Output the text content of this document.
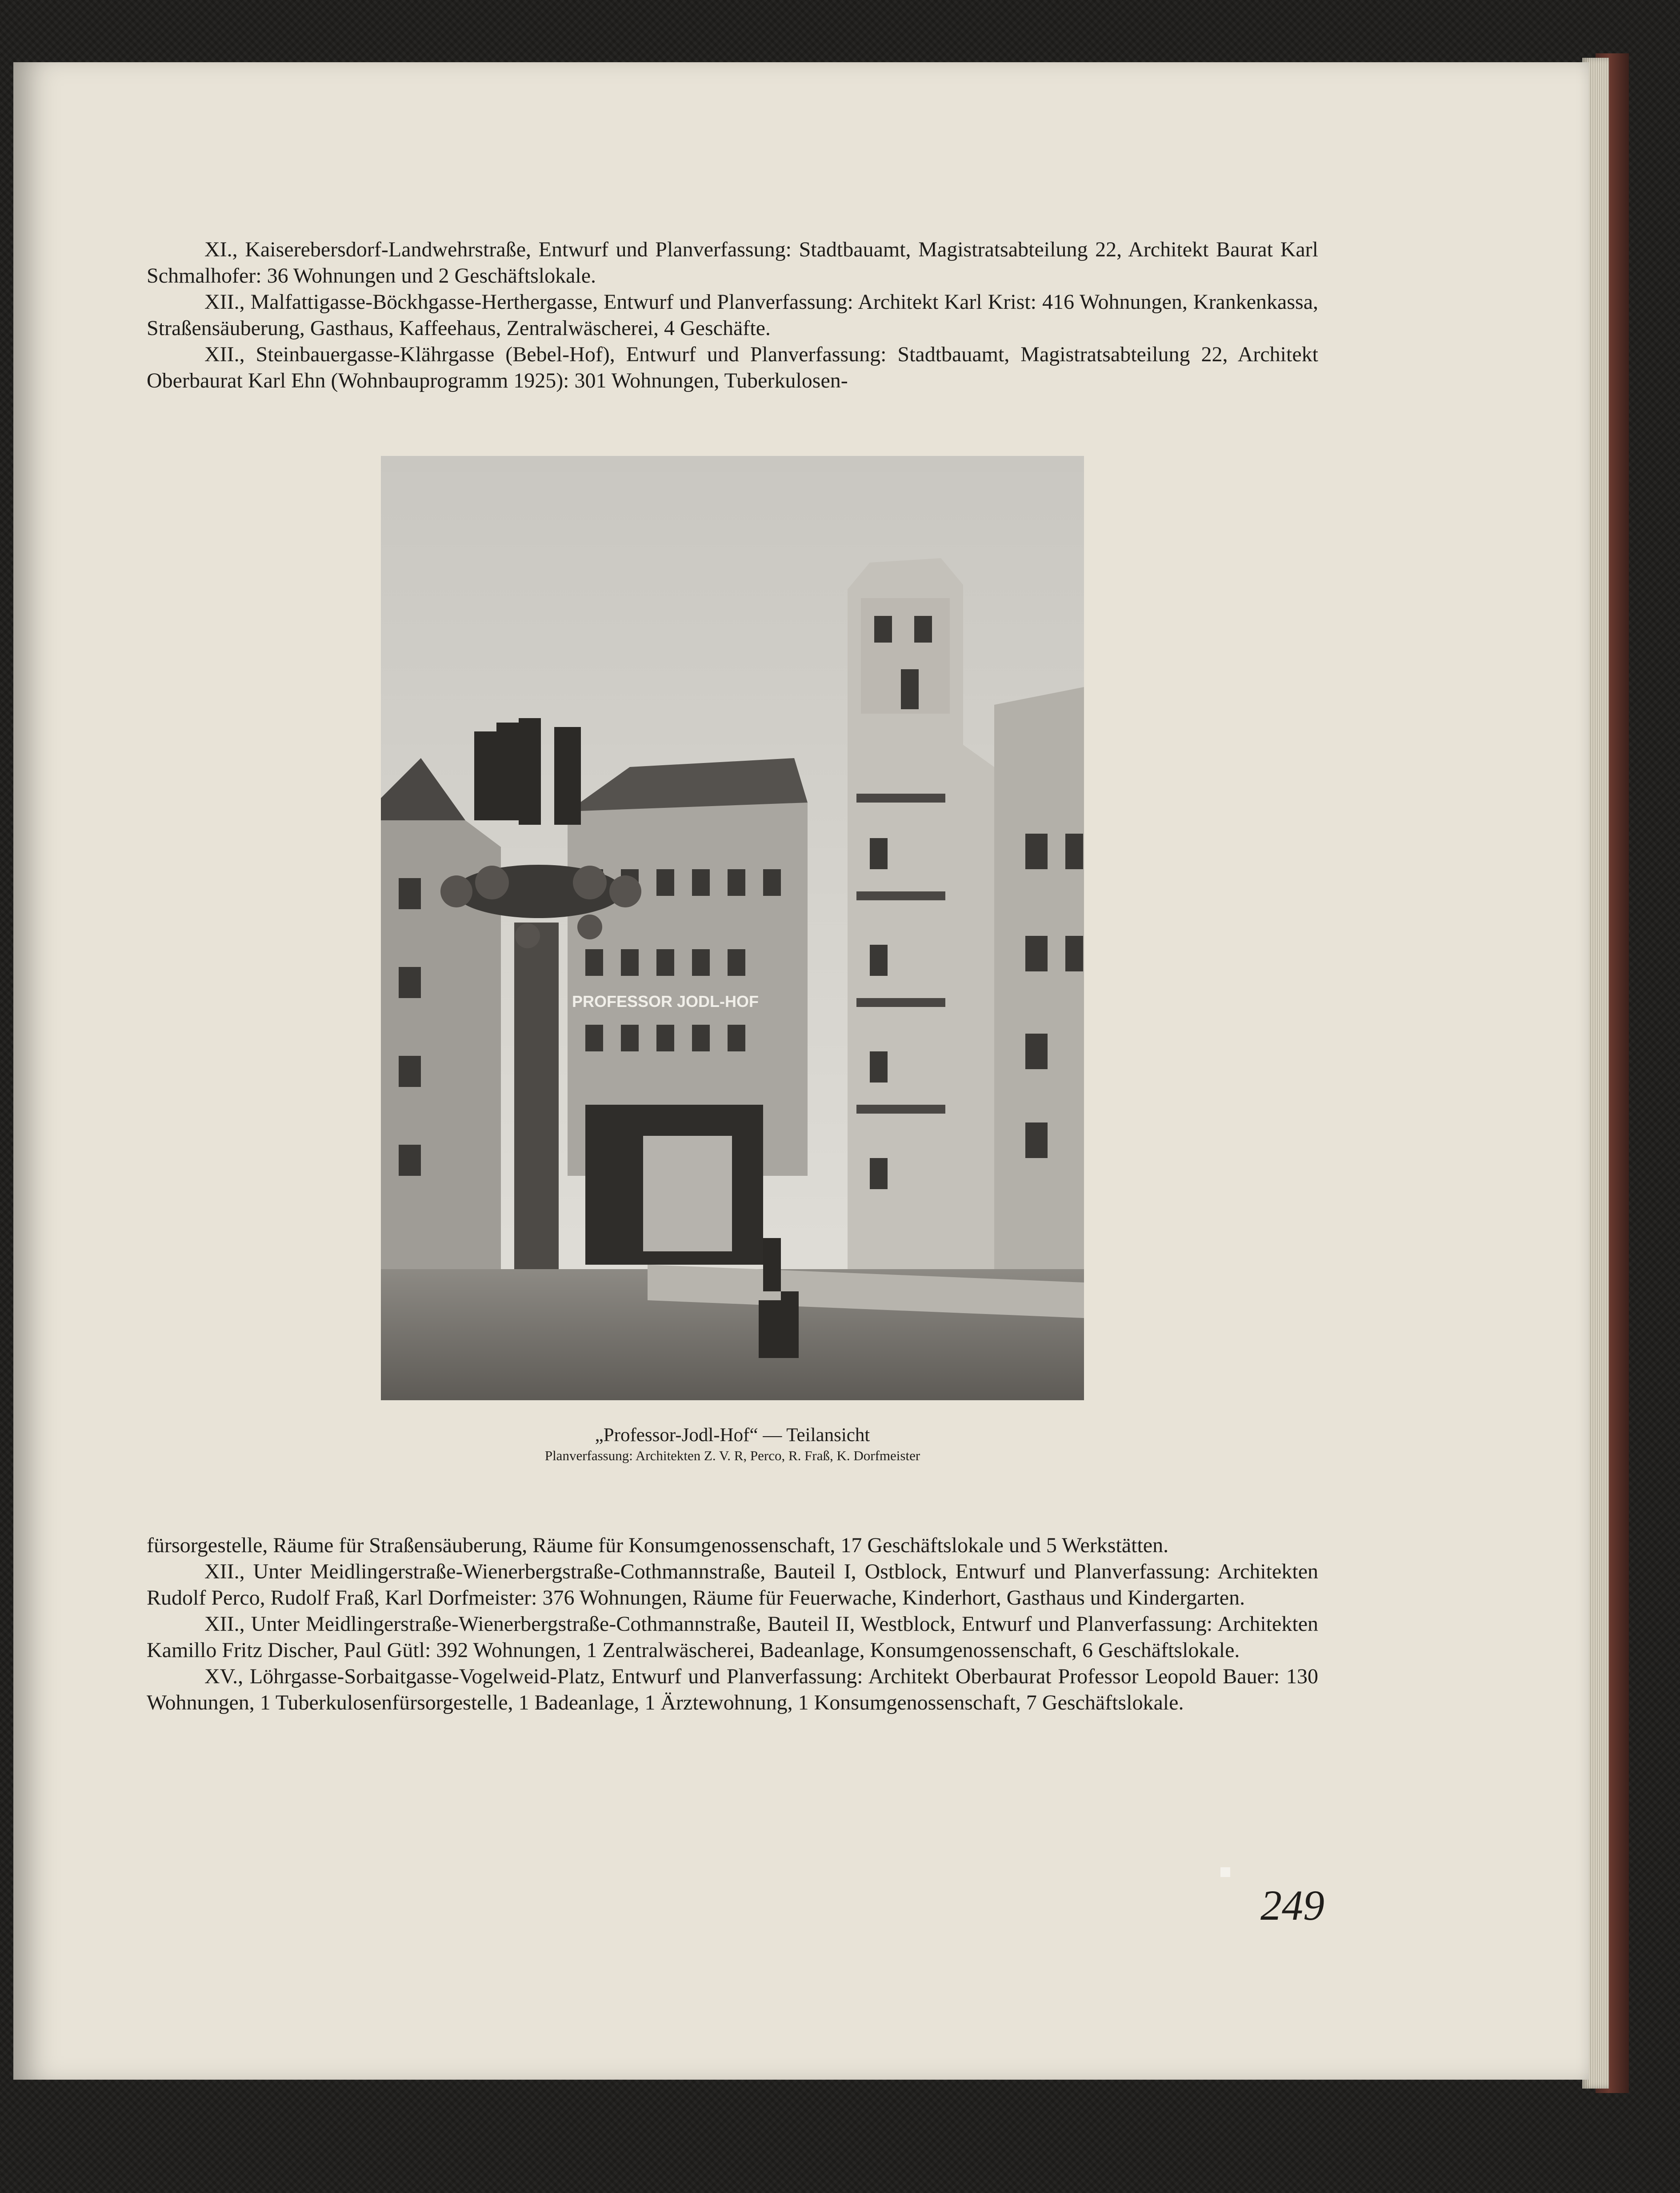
XI., Kaiserebersdorf-Landwehrstraße, Entwurf und Planverfassung: Stadtbauamt, Magistratsabteilung 22, Architekt Baurat Karl Schmalhofer: 36 Wohnungen und 2 Geschäftslokale.

XII., Malfattigasse-Böckhgasse-Herthergasse, Entwurf und Planverfassung: Architekt Karl Krist: 416 Wohnungen, Krankenkassa, Straßensäuberung, Gasthaus, Kaffeehaus, Zentralwäscherei, 4 Geschäfte.

XII., Steinbauergasse-Klährgasse (Bebel-Hof), Entwurf und Planverfassung: Stadtbauamt, Magistratsabteilung 22, Architekt Oberbaurat Karl Ehn (Wohnbauprogramm 1925): 301 Wohnungen, Tuberkulosen-

PROFESSOR JODL-HOF
„Professor-Jodl-Hof“ — Teilansicht
Planverfassung: Architekten Z. V. R, Perco, R. Fraß, K. Dorfmeister

fürsorgestelle, Räume für Straßensäuberung, Räume für Konsumgenossenschaft, 17 Geschäftslokale und 5 Werkstätten.

XII., Unter Meidlingerstraße-Wienerbergstraße-Cothmannstraße, Bauteil I, Ostblock, Entwurf und Planverfassung: Architekten Rudolf Perco, Rudolf Fraß, Karl Dorfmeister: 376 Wohnungen, Räume für Feuerwache, Kinderhort, Gasthaus und Kindergarten.

XII., Unter Meidlingerstraße-Wienerbergstraße-Cothmannstraße, Bauteil II, Westblock, Entwurf und Planverfassung: Architekten Kamillo Fritz Discher, Paul Gütl: 392 Wohnungen, 1 Zentralwäscherei, Badeanlage, Konsumgenossenschaft, 6 Geschäftslokale.

XV., Löhrgasse-Sorbaitgasse-Vogelweid-Platz, Entwurf und Planverfassung: Architekt Oberbaurat Professor Leopold Bauer: 130 Wohnungen, 1 Tuberkulosenfürsorgestelle, 1 Badeanlage, 1 Ärztewohnung, 1 Konsumgenossenschaft, 7 Geschäftslokale.

249
